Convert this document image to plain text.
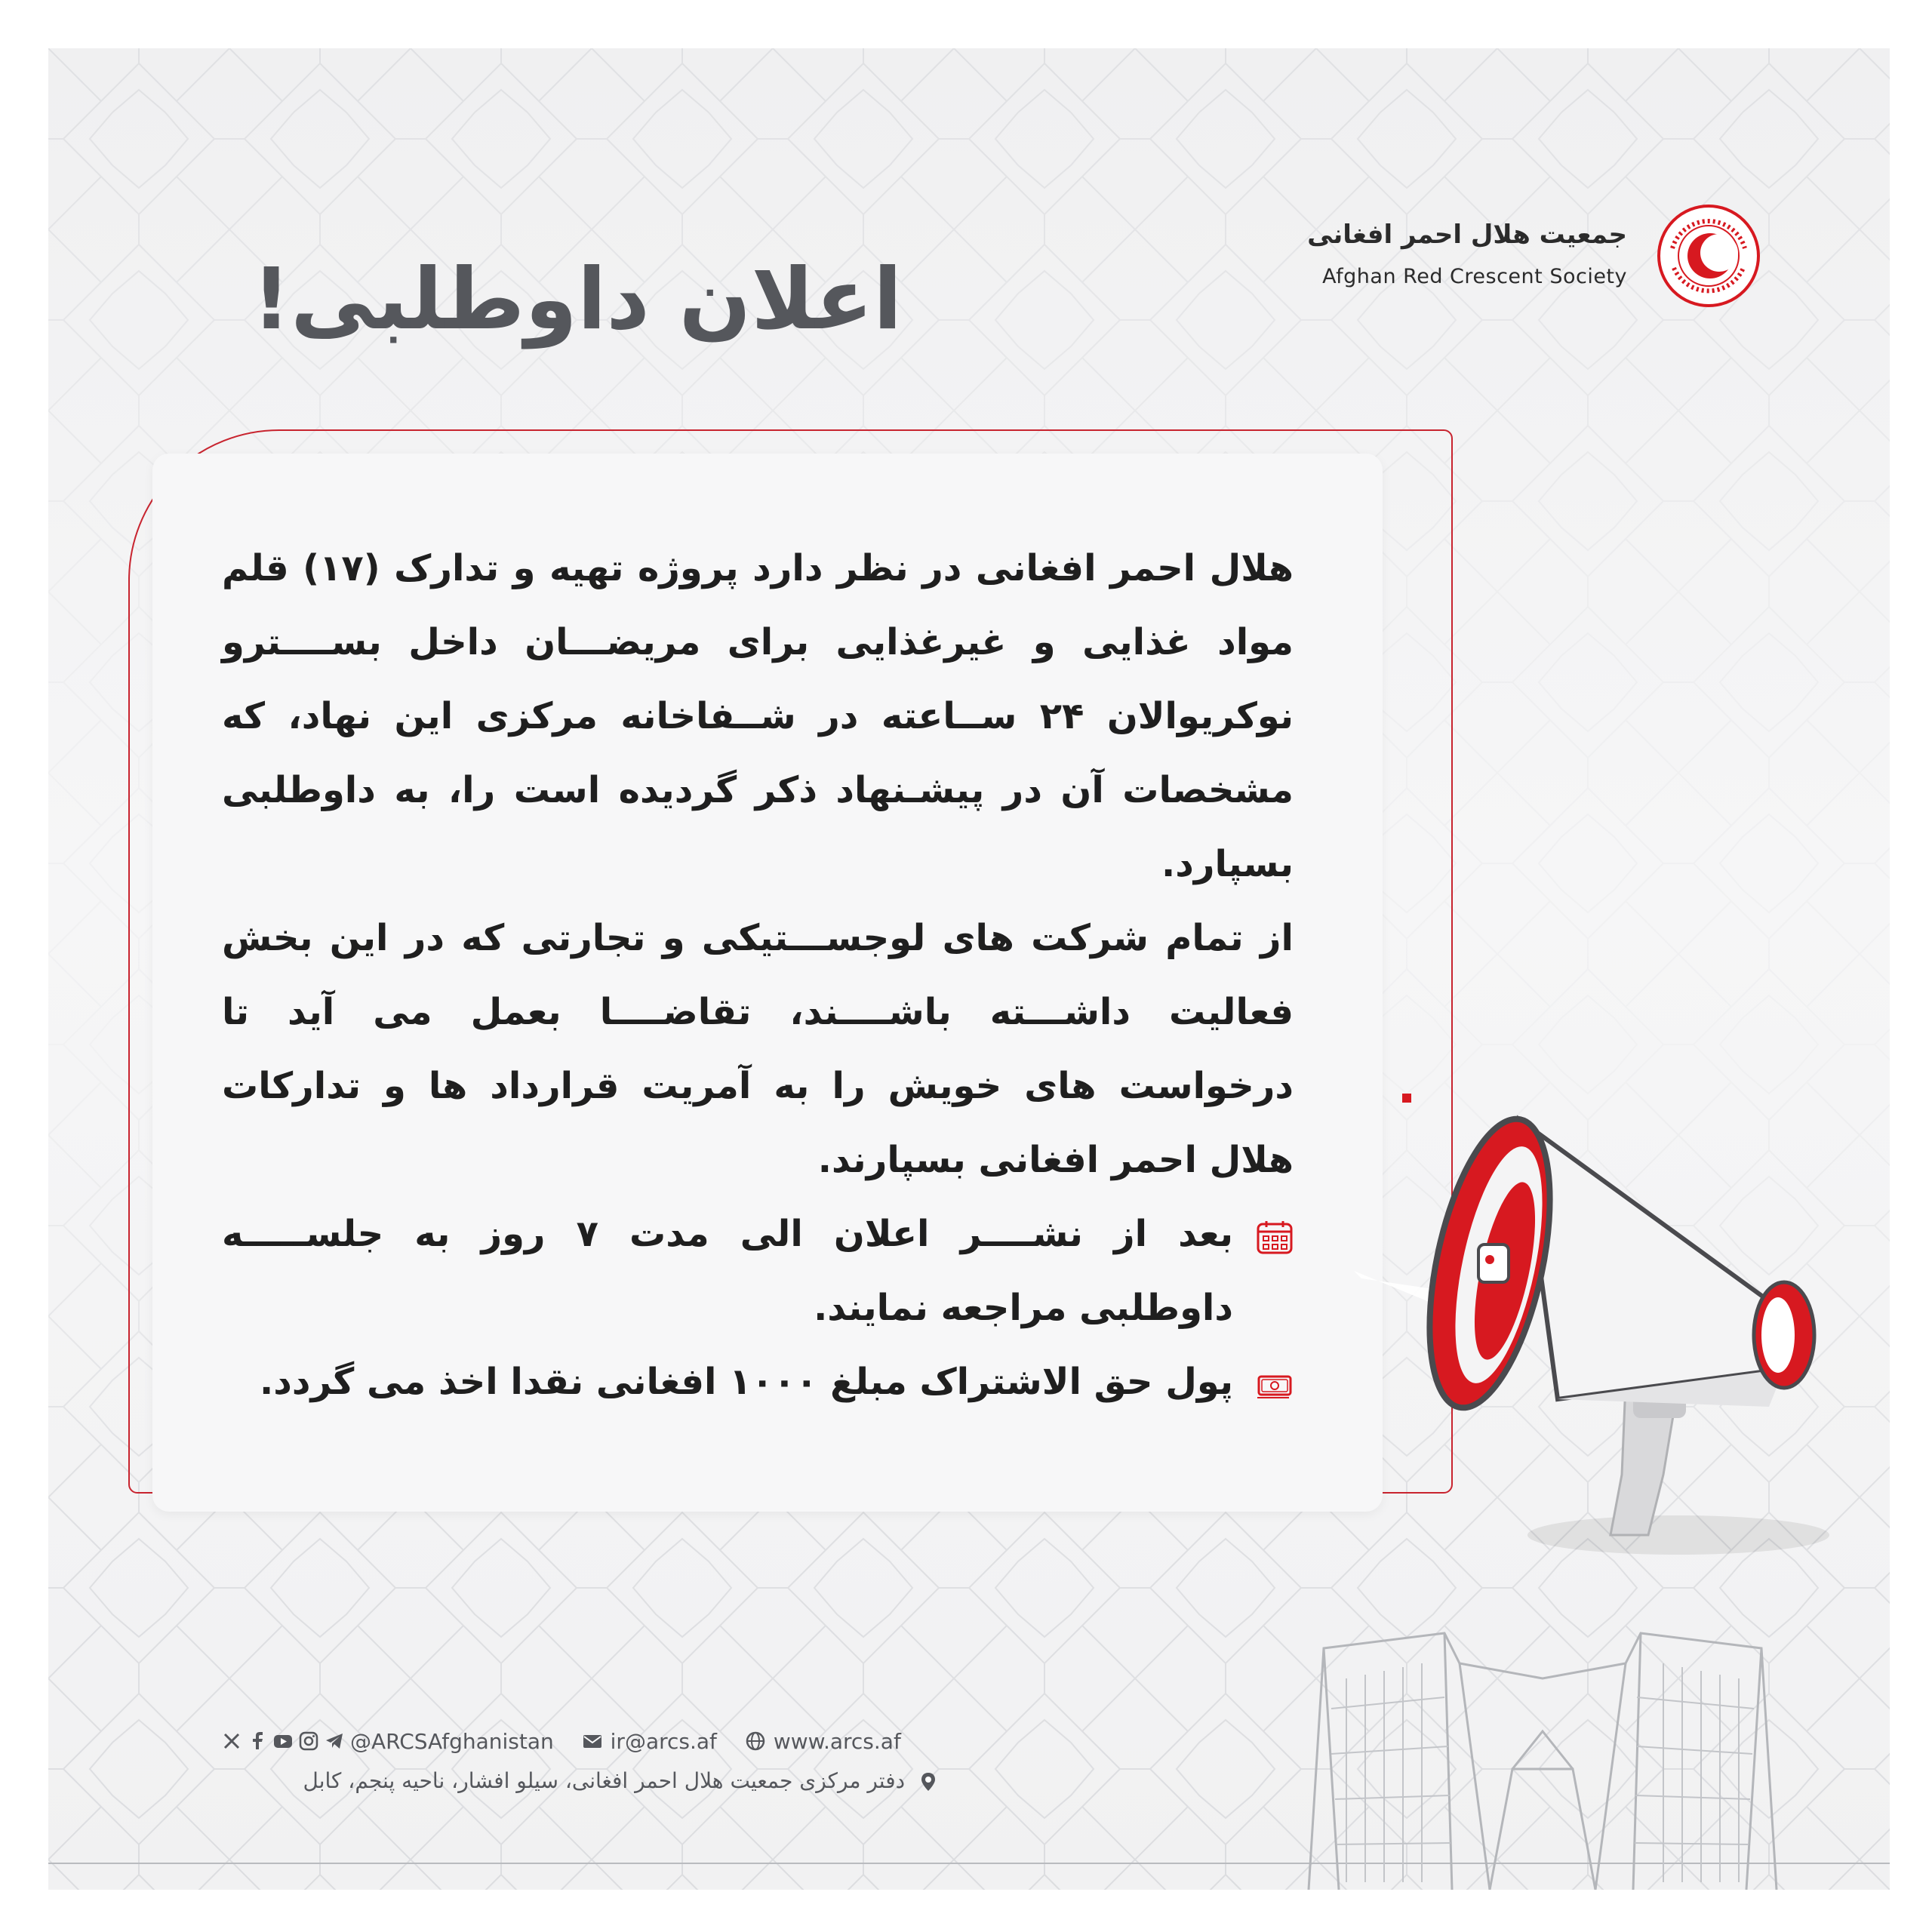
جمعیت هلال احمر افغانی
Afghan Red Crescent Society
اعلان داوطلبی!

هلال احمر افغانی در نظر دارد پروژه تهیه و تدارک (۱۷) قلم مواد غذایی و غیرغذایی برای مریضـــان داخل بســــترو نوکریوالان ۲۴ ســاعته در شــفاخانه مرکزی این نهاد، که مشخصات آن در پیشـنهاد ذکر گردیده است را، به داوطلبی بسپارد.

از تمام شرکت های لوجســـتیکی و تجارتی که در این بخش فعالیت داشـــته باشــــند، تقاضــــا بعمل می آید تا درخواست های خویش را به آمریت قرارداد ها و تدارکات هلال احمر افغانی بسپارند.

بعد از نشــــر اعلان الی مدت ۷ روز به جلســـــه داوطلبی مراجعه نمایند.

پول حق الاشتراک مبلغ ۱۰۰۰ افغانی نقدا اخذ می گردد.

@ARCSAfghanistan
	ir@arcs.af
	www.arcs.af
دفتر مرکزی جمعیت هلال احمر افغانی، سیلو افشار، ناحیه پنجم، کابل
